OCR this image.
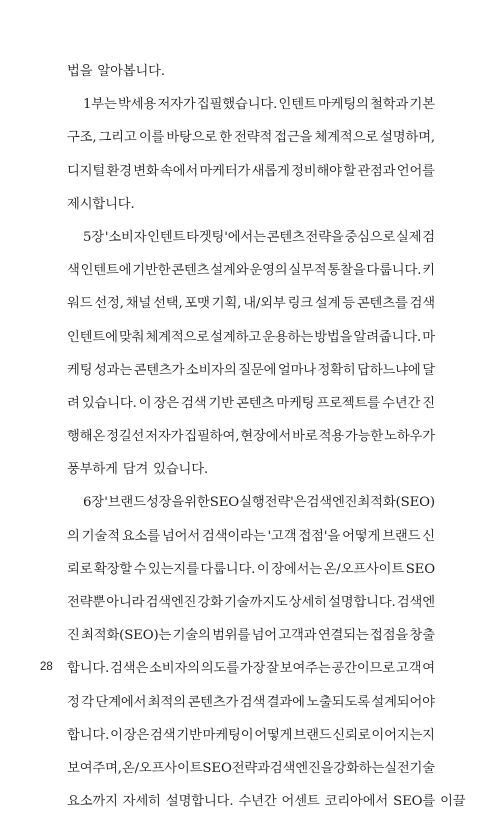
법을 알아봅니다.
1부는 박세용 저자가 집필했습니다. 인텐트 마케팅의 철학과 기본
구조, 그리고 이를 바탕으로 한 전략적 접근을 체계적으로 설명하며,
디지털 환경 변화 속에서 마케터가 새롭게 정비해야 할 관점과 언어를
제시합니다.
5장 '소비자 인텐트 타겟팅'에서는 콘텐츠 전략을 중심으로 실제 검
색 인텐트에 기반한 콘텐츠 설계와 운영의 실무적 통찰을 다룹니다. 키
워드 선정, 채널 선택, 포맷 기획, 내/외부 링크 설계 등 콘텐츠를 검색
인텐트에 맞춰 체계적으로 설계하고 운용하는 방법을 알려줍니다. 마
케팅 성과는 콘텐츠가 소비자의 질문에 얼마나 정확히 답하느냐에 달
려 있습니다. 이 장은 검색 기반 콘텐츠 마케팅 프로젝트를 수년간 진
행해온 정길선 저자가 집필하여, 현장에서 바로 적용 가능한 노하우가
풍부하게 담겨 있습니다.
6장 '브랜드 성장을 위한 SEO 실행 전략'은 검색엔진 최적화(SEO)
의 기술적 요소를 넘어서 검색이라는 '고객 접점'을 어떻게 브랜드 신
뢰로 확장할 수 있는지를 다룹니다. 이 장에서는 온/오프사이트 SEO
전략뿐 아니라 검색엔진 강화 기술까지도 상세히 설명합니다. 검색엔
진 최적화(SEO)는 기술의 범위를 넘어 고객과 연결되는 접점을 창출
합니다. 검색은 소비자의 의도를 가장 잘 보여주는 공간이므로 고객 여
정 각 단계에서 최적의 콘텐츠가 검색 결과에 노출되도록 설계되어야
합니다. 이 장은 검색 기반 마케팅이 어떻게 브랜드 신뢰로 이어지는지
보여주며, 온/오프사이트 SEO 전략과 검색엔진을 강화하는 실전 기술
요소까지 자세히 설명합니다. 수년간 어센트 코리아에서 SEO를 이끌
28
